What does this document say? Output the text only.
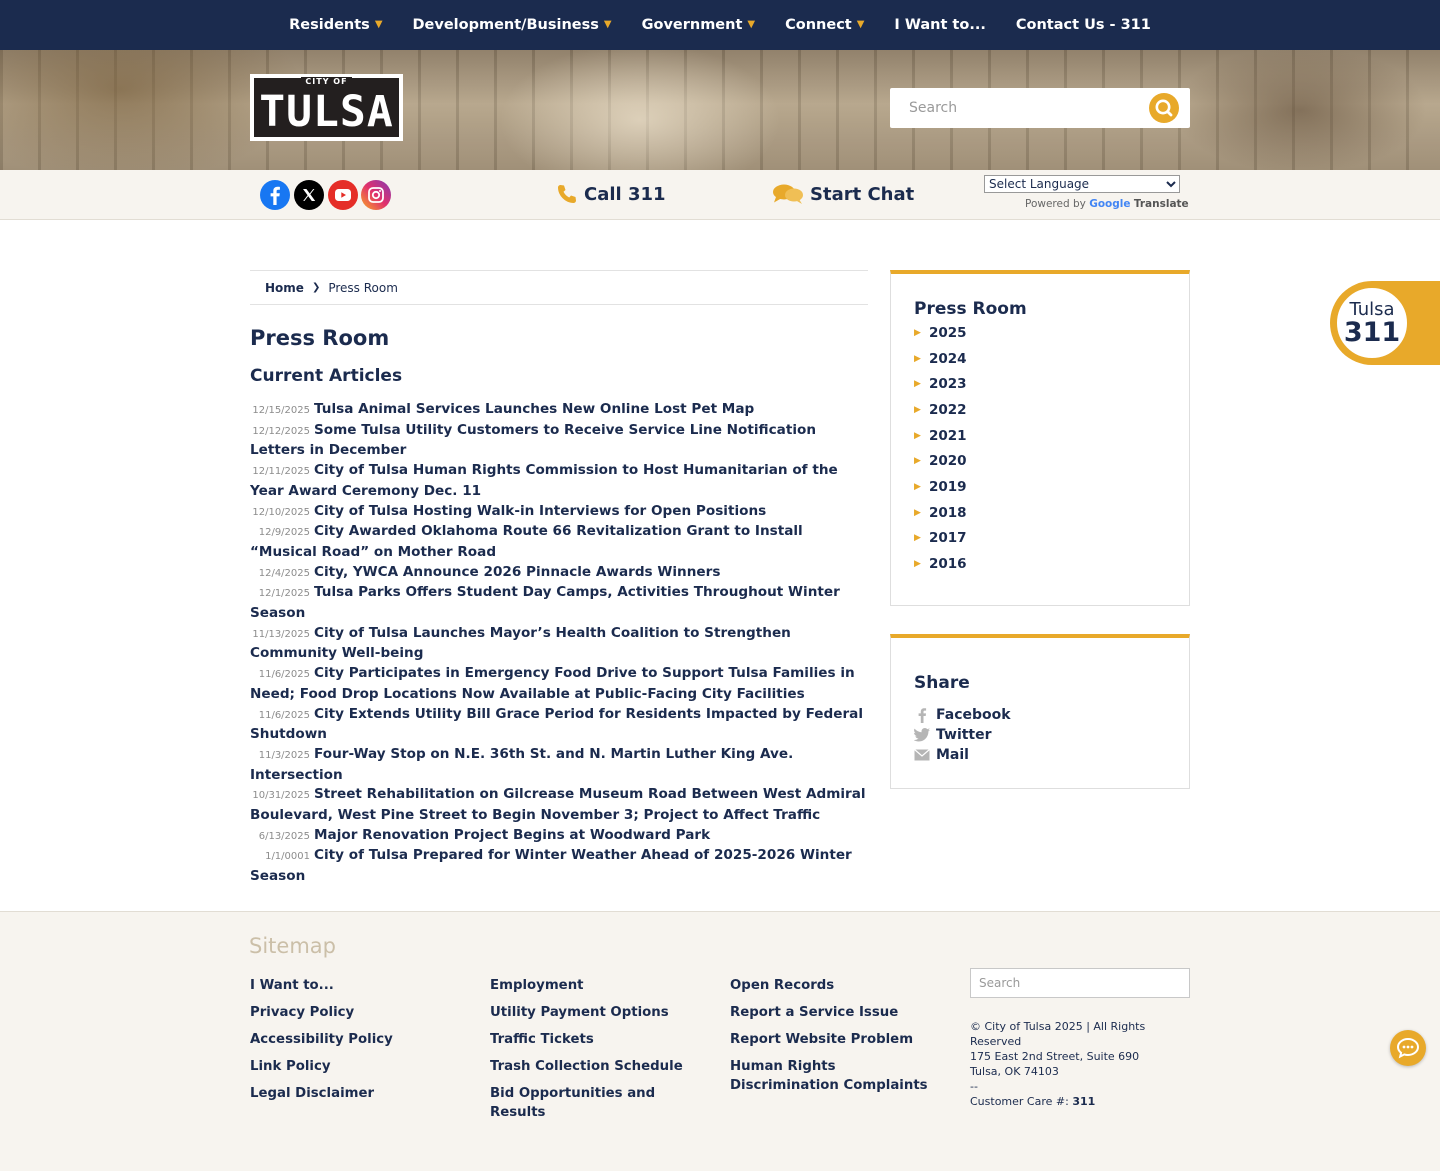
Residents ▼ Development/Business ▼ Government ▼ Connect ▼ I Want to... Contact Us - 311
CITY OF
TULSA
Search
Call 311	Start Chat
Select Language	Powered by Google Translate
Home ❯ Press Room
Press Room
Current Articles
12/15/2025 Tulsa Animal Services Launches New Online Lost Pet Map
12/12/2025 Some Tulsa Utility Customers to Receive Service Line Notification Letters in December
12/11/2025 City of Tulsa Human Rights Commission to Host Humanitarian of the Year Award Ceremony Dec. 11
12/10/2025 City of Tulsa Hosting Walk-in Interviews for Open Positions
12/9/2025 City Awarded Oklahoma Route 66 Revitalization Grant to Install “Musical Road” on Mother Road
12/4/2025 City, YWCA Announce 2026 Pinnacle Awards Winners
12/1/2025 Tulsa Parks Offers Student Day Camps, Activities Throughout Winter Season
11/13/2025 City of Tulsa Launches Mayor’s Health Coalition to Strengthen Community Well-being
11/6/2025 City Participates in Emergency Food Drive to Support Tulsa Families in Need; Food Drop Locations Now Available at Public-Facing City Facilities
11/6/2025 City Extends Utility Bill Grace Period for Residents Impacted by Federal Shutdown
11/3/2025 Four-Way Stop on N.E. 36th St. and N. Martin Luther King Ave. Intersection
10/31/2025 Street Rehabilitation on Gilcrease Museum Road Between West Admiral Boulevard, West Pine Street to Begin November 3; Project to Affect Traffic
6/13/2025 Major Renovation Project Begins at Woodward Park
1/1/0001 City of Tulsa Prepared for Winter Weather Ahead of 2025-2026 Winter Season
Press Room
▶ 2025
▶ 2024
▶ 2023
▶ 2022
▶ 2021
▶ 2020
▶ 2019
▶ 2018
▶ 2017
▶ 2016
Share
Facebook
Twitter
Mail
Tulsa
311
Sitemap
I Want to...
Privacy Policy
Accessibility Policy
Link Policy
Legal Disclaimer
Employment
Utility Payment Options
Traffic Tickets
Trash Collection Schedule
Bid Opportunities and Results
Open Records
Report a Service Issue
Report Website Problem
Human Rights Discrimination Complaints
Search
© City of Tulsa 2025 | All Rights Reserved
175 East 2nd Street, Suite 690
Tulsa, OK 74103
--
Customer Care #: 311
